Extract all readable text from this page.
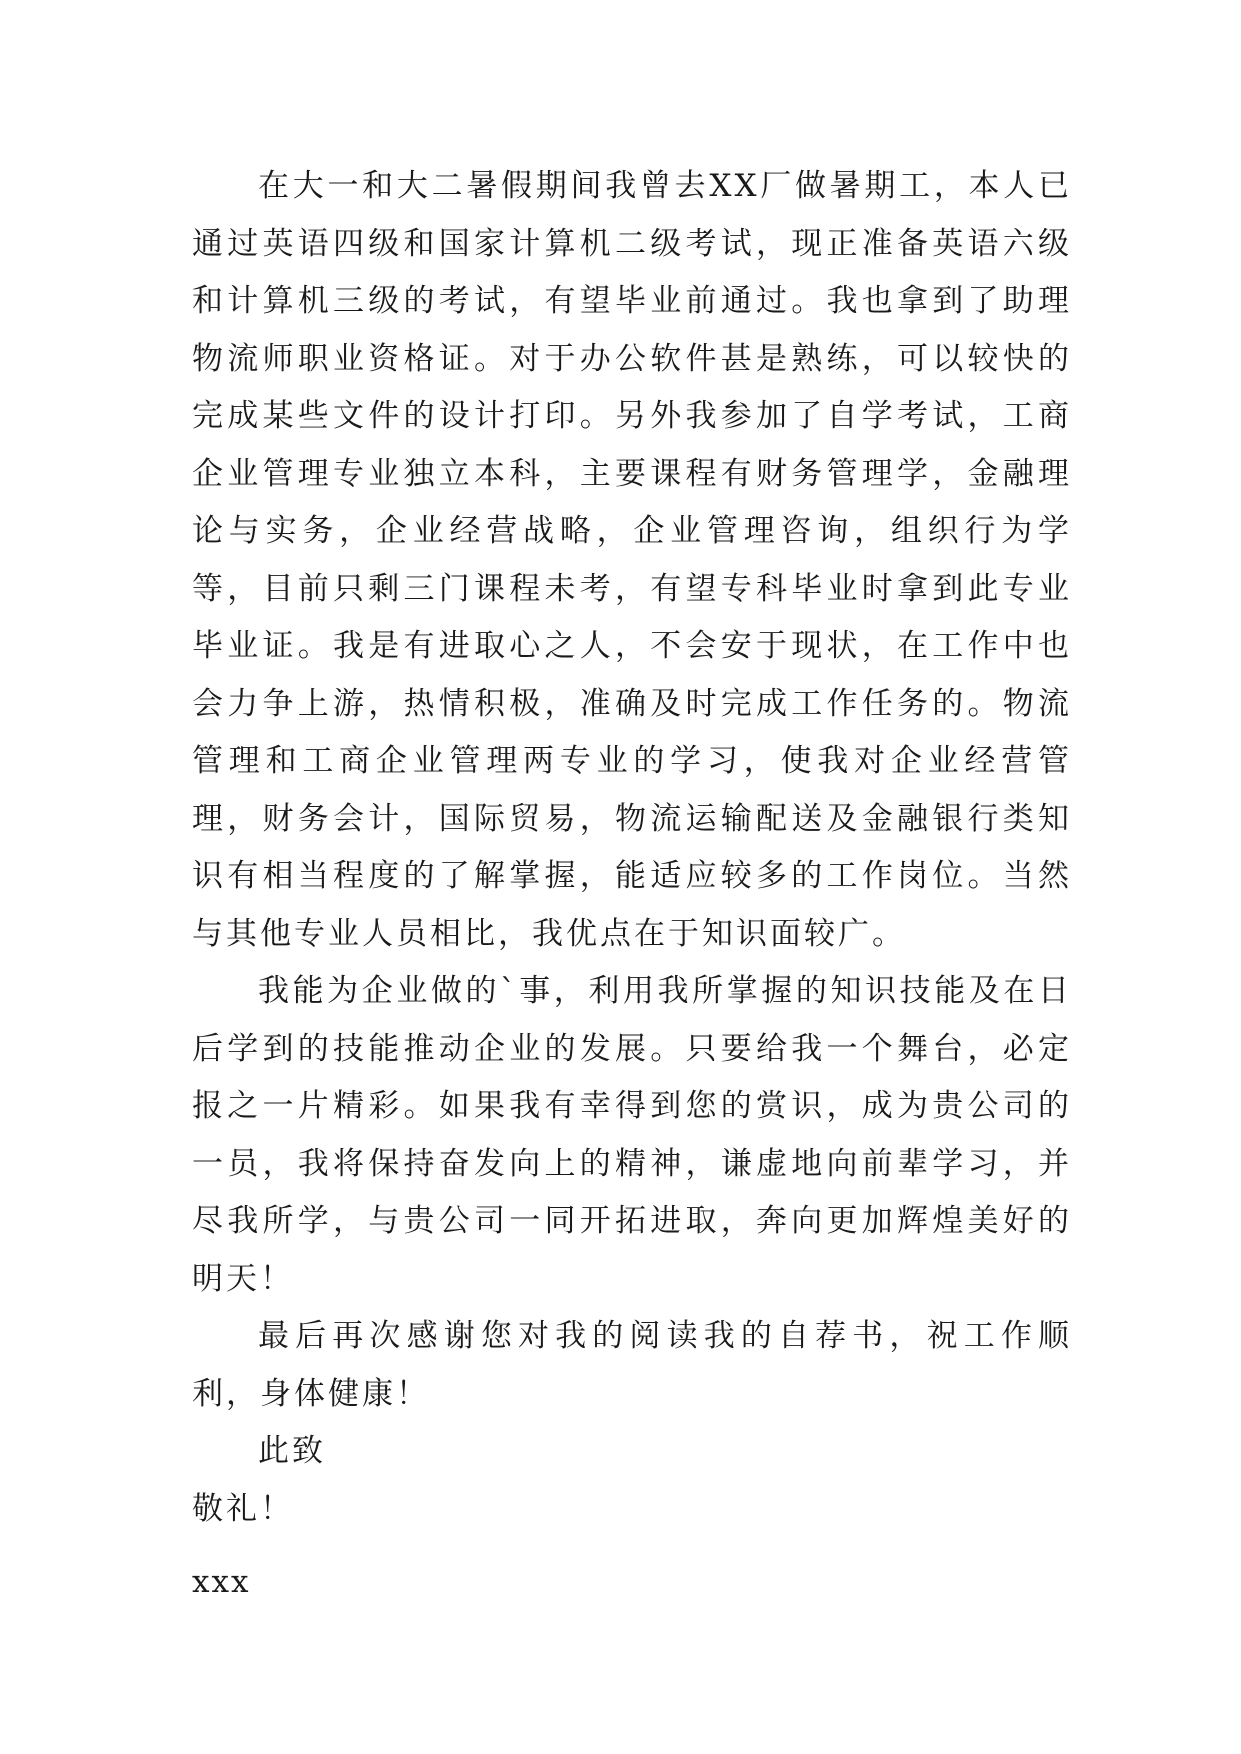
在大一和大二暑假期间我曾去XX厂做暑期工，本人已通过英语四级和国家计算机二级考试，现正准备英语六级和计算机三级的考试，有望毕业前通过。我也拿到了助理物流师职业资格证。对于办公软件甚是熟练，可以较快的完成某些文件的设计打印。另外我参加了自学考试，工商企业管理专业独立本科，主要课程有财务管理学，金融理论与实务，企业经营战略，企业管理咨询，组织行为学等，目前只剩三门课程未考，有望专科毕业时拿到此专业毕业证。我是有进取心之人，不会安于现状，在工作中也会力争上游，热情积极，准确及时完成工作任务的。物流管理和工商企业管理两专业的学习，使我对企业经营管理，财务会计，国际贸易，物流运输配送及金融银行类知识有相当程度的了解掌握，能适应较多的工作岗位。当然与其他专业人员相比，我优点在于知识面较广。

我能为企业做的`事，利用我所掌握的知识技能及在日后学到的技能推动企业的发展。只要给我一个舞台，必定报之一片精彩。如果我有幸得到您的赏识，成为贵公司的一员，我将保持奋发向上的精神，谦虚地向前辈学习，并尽我所学，与贵公司一同开拓进取，奔向更加辉煌美好的明天！

最后再次感谢您对我的阅读我的自荐书，祝工作顺利，身体健康！

此致

敬礼！

xxx
